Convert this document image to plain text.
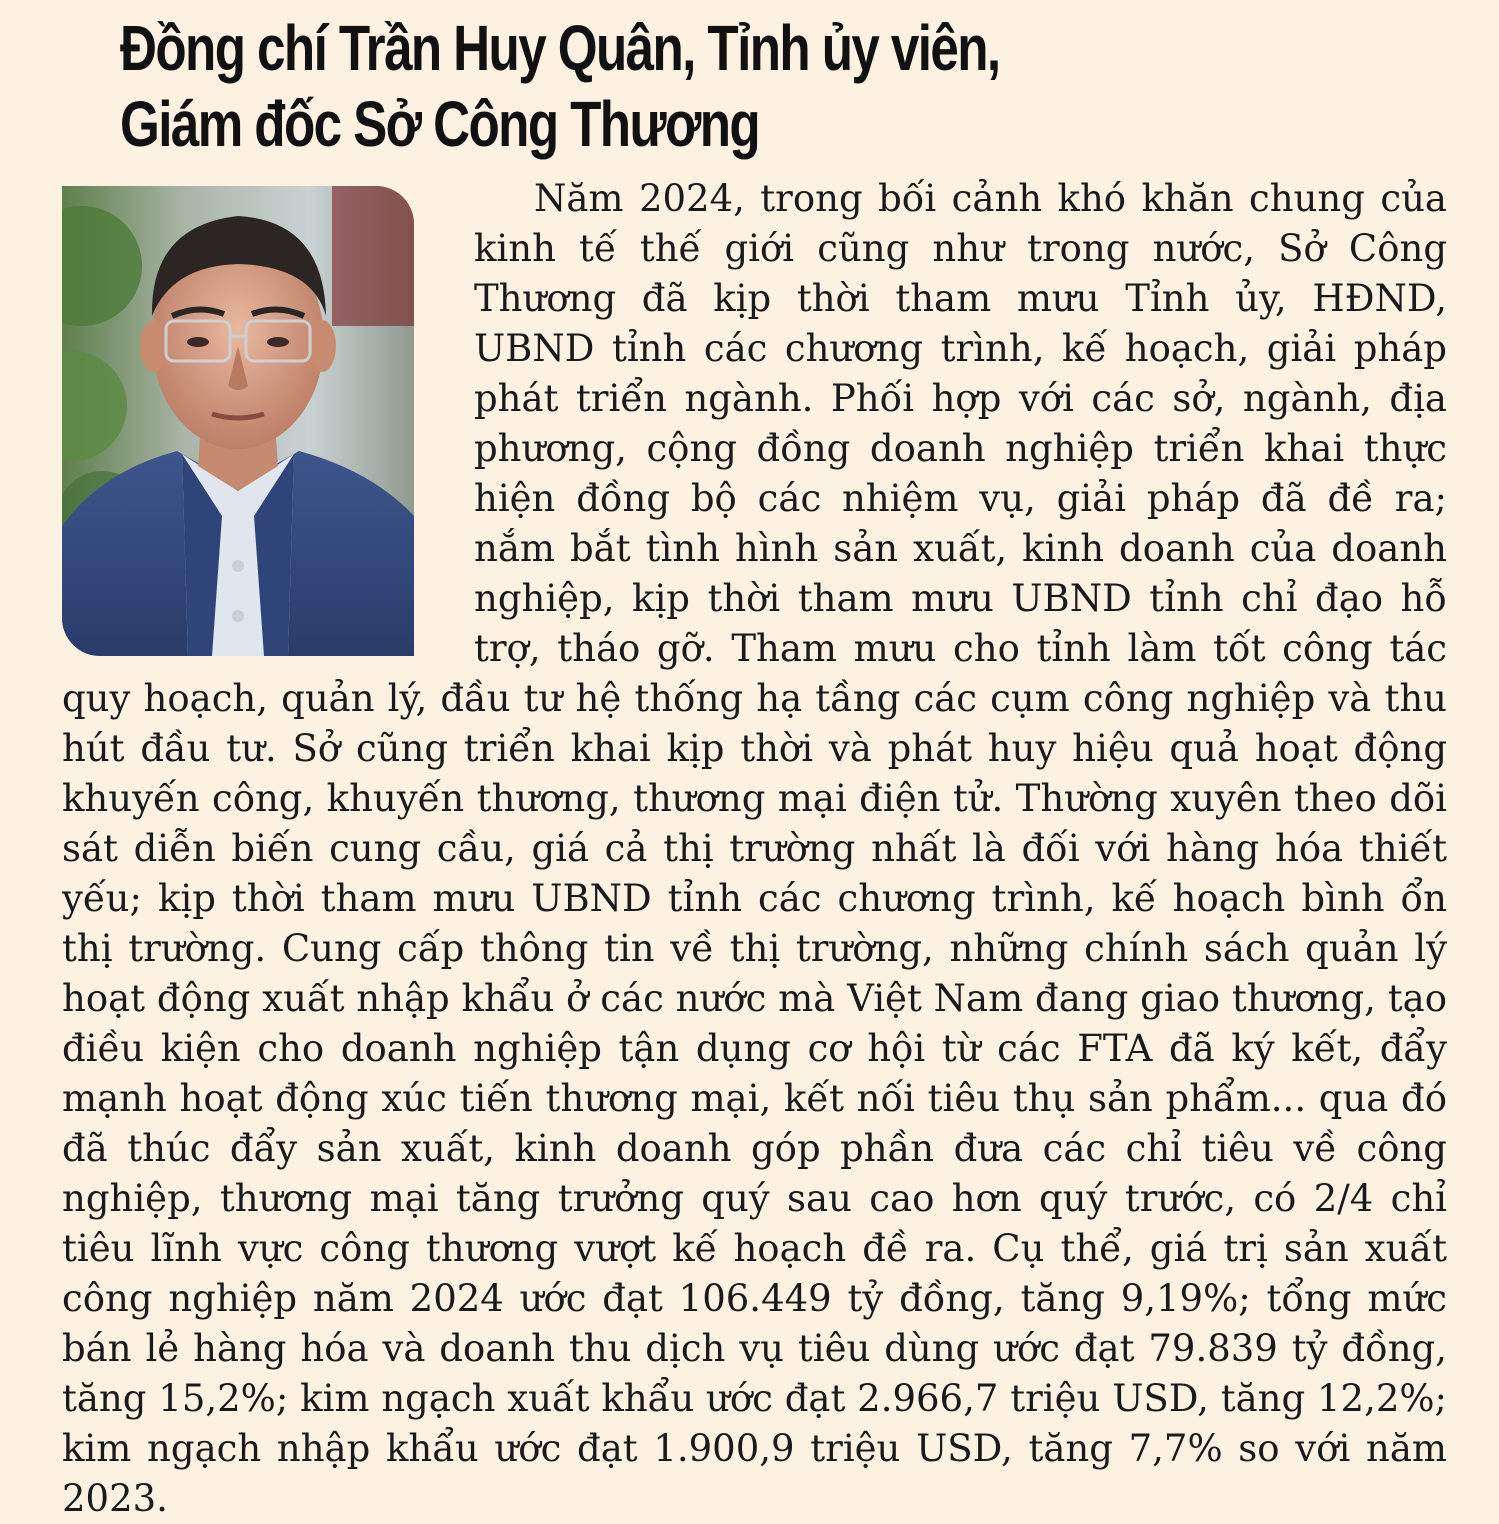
Đồng chí Trần Huy Quân, Tỉnh ủy viên,
Giám đốc Sở Công Thương

Năm 2024, trong bối cảnh khó khăn chung của kinh tế thế giới cũng như trong nước, Sở Công Thương đã kịp thời tham mưu Tỉnh ủy, HĐND, UBND tỉnh các chương trình, kế hoạch, giải pháp phát triển ngành. Phối hợp với các sở, ngành, địa phương, cộng đồng doanh nghiệp triển khai thực hiện đồng bộ các nhiệm vụ, giải pháp đã đề ra; nắm bắt tình hình sản xuất, kinh doanh của doanh nghiệp, kịp thời tham mưu UBND tỉnh chỉ đạo hỗ trợ, tháo gỡ. Tham mưu cho tỉnh làm tốt công tác quy hoạch, quản lý, đầu tư hệ thống hạ tầng các cụm công nghiệp và thu hút đầu tư. Sở cũng triển khai kịp thời và phát huy hiệu quả hoạt động khuyến công, khuyến thương, thương mại điện tử. Thường xuyên theo dõi sát diễn biến cung cầu, giá cả thị trường nhất là đối với hàng hóa thiết yếu; kịp thời tham mưu UBND tỉnh các chương trình, kế hoạch bình ổn thị trường. Cung cấp thông tin về thị trường, những chính sách quản lý hoạt động xuất nhập khẩu ở các nước mà Việt Nam đang giao thương, tạo điều kiện cho doanh nghiệp tận dụng cơ hội từ các FTA đã ký kết, đẩy mạnh hoạt động xúc tiến thương mại, kết nối tiêu thụ sản phẩm... qua đó đã thúc đẩy sản xuất, kinh doanh góp phần đưa các chỉ tiêu về công nghiệp, thương mại tăng trưởng quý sau cao hơn quý trước, có 2/4 chỉ tiêu lĩnh vực công thương vượt kế hoạch đề ra. Cụ thể, giá trị sản xuất công nghiệp năm 2024 ước đạt 106.449 tỷ đồng, tăng 9,19%; tổng mức bán lẻ hàng hóa và doanh thu dịch vụ tiêu dùng ước đạt 79.839 tỷ đồng, tăng 15,2%; kim ngạch xuất khẩu ước đạt 2.966,7 triệu USD, tăng 12,2%; kim ngạch nhập khẩu ước đạt 1.900,9 triệu USD, tăng 7,7% so với năm 2023.
